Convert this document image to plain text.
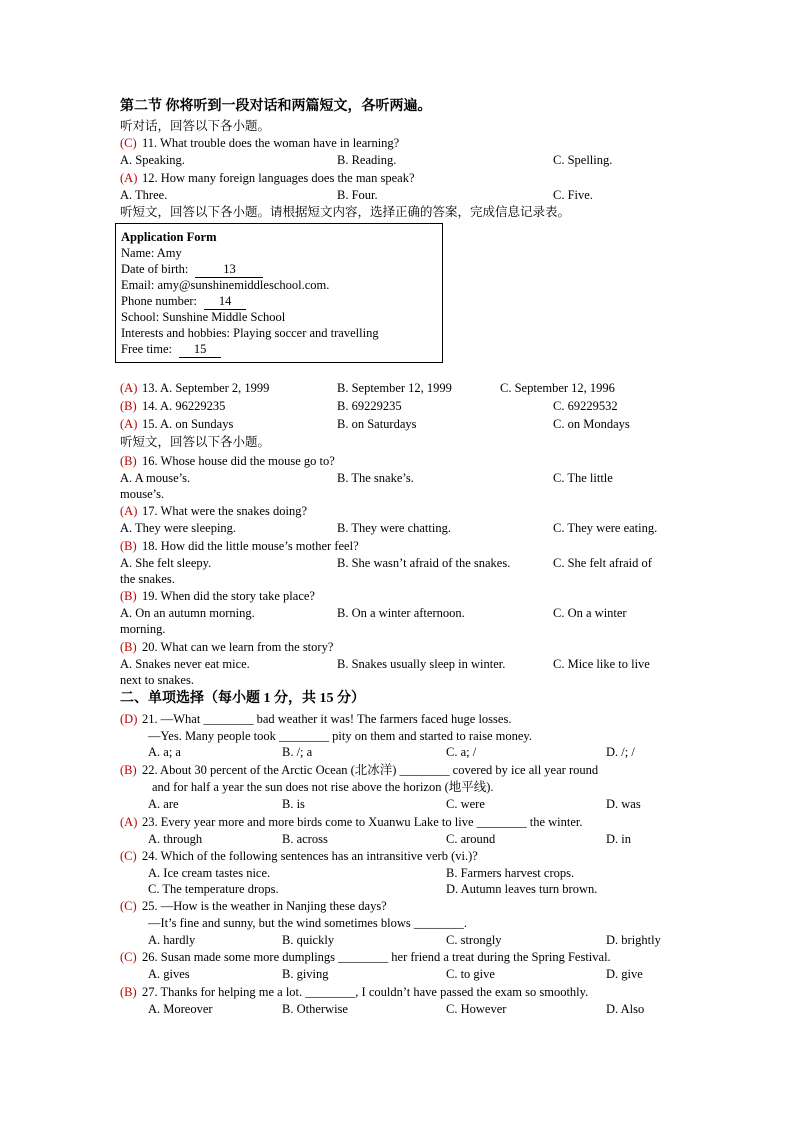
第二节 你将听到一段对话和两篇短文，各听两遍。
听对话，回答以下各小题。
(C) 11. What trouble does the woman have in learning?
A. Speaking.	B. Reading.	C. Spelling.
(A) 12. How many foreign languages does the man speak?
A. Three.	B. Four.	C. Five.
听短文，回答以下各小题。请根据短文内容，选择正确的答案，完成信息记录表。
Application Form
Name: Amy
Date of birth:	13
Email: amy@sunshinemiddleschool.com.
Phone number: 14
School: Sunshine Middle School
Interests and hobbies: Playing soccer and travelling
Free time: 15
(A) 13. A. September 2, 1999	B. September 12, 1999	C. September 12, 1996
(B) 14. A. 96229235	B. 69229235	C. 69229532
(A) 15. A. on Sundays	B. on Saturdays	C. on Mondays
听短文，回答以下各小题。
(B) 16. Whose house did the mouse go to?
A. A mouse’s.	B. The snake’s.	C. The little
mouse’s.
(A) 17. What were the snakes doing?
A. They were sleeping.	B. They were chatting.	C. They were eating.
(B) 18. How did the little mouse’s mother feel?
A. She felt sleepy.	B. She wasn’t afraid of the snakes.	C. She felt afraid of
the snakes.
(B) 19. When did the story take place?
A. On an autumn morning.	B. On a winter afternoon.	C. On a winter
morning.
(B) 20. What can we learn from the story?
A. Snakes never eat mice.	B. Snakes usually sleep in winter.	C. Mice like to live
next to snakes.
二、单项选择（每小题 1 分，共 15 分）
(D) 21. —What ________ bad weather it was! The farmers faced huge losses.
—Yes. Many people took ________ pity on them and started to raise money.
A. a; a	B. /; a	C. a; /	D. /; /
(B) 22. About 30 percent of the Arctic Ocean (北冰洋) ________ covered by ice all year round
and for half a year the sun does not rise above the horizon (地平线).
A. are	B. is	C. were	D. was
(A) 23. Every year more and more birds come to Xuanwu Lake to live ________ the winter.
A. through	B. across	C. around	D. in
(C) 24. Which of the following sentences has an intransitive verb (vi.)?
A. Ice cream tastes nice.	B. Farmers harvest crops.
C. The temperature drops.	D. Autumn leaves turn brown.
(C) 25. —How is the weather in Nanjing these days?
—It’s fine and sunny, but the wind sometimes blows ________.
A. hardly	B. quickly	C. strongly	D. brightly
(C) 26. Susan made some more dumplings ________ her friend a treat during the Spring Festival.
A. gives	B. giving	C. to give	D. give
(B) 27. Thanks for helping me a lot. ________, I couldn’t have passed the exam so smoothly.
A. Moreover	B. Otherwise	C. However	D. Also
